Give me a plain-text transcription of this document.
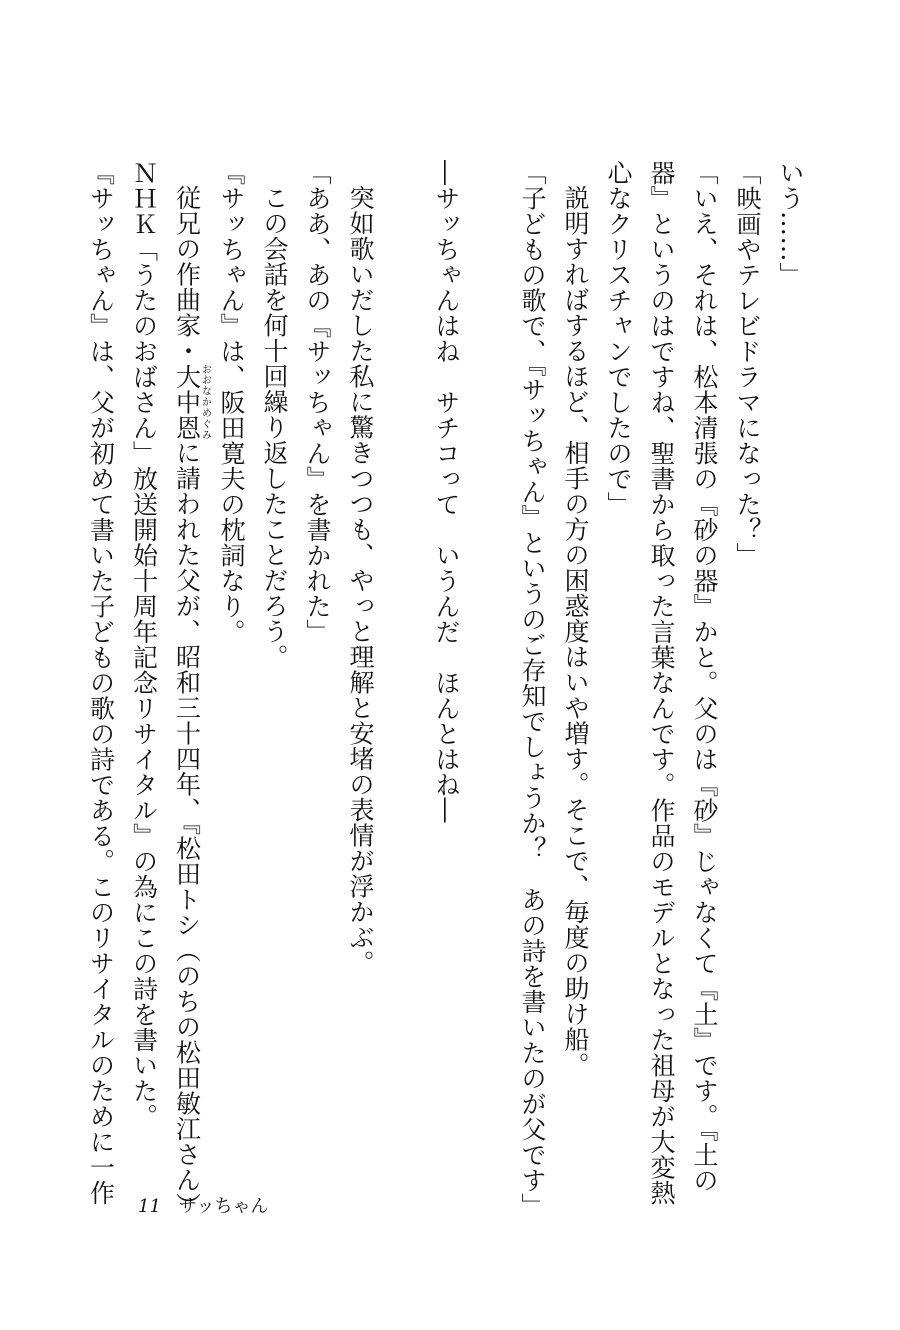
いう……」
「映画やテレビドラマになった？」
「いえ、それは、松本清張の『砂の器』かと。父のは『砂』じゃなくて『土』です。『土の
器』というのはですね、聖書から取った言葉なんです。作品のモデルとなった祖母が大変熱
心なクリスチャンでしたので」
説明すればするほど、相手の方の困惑度はいや増す。そこで、毎度の助け船。
「子どもの歌で、『サッちゃん』というのご存知でしょうか？　あの詩を書いたのが父です」
―サッちゃんはね　サチコって　いうんだ　ほんとはね―
突如歌いだした私に驚きつつも、やっと理解と安堵の表情が浮かぶ。
「ああ、あの『サッちゃん』を書かれた」
この会話を何十回繰り返したことだろう。
『サッちゃん』は、阪田寛夫の枕詞なり。
従兄の作曲家・大中恩おおなかめぐみに請われた父が、昭和三十四年、『松田トシ（のちの松田敏江さん）
ＮＨＫ「うたのおばさん」放送開始十周年記念リサイタル』の為にこの詩を書いた。
『サッちゃん』は、父が初めて書いた子どもの歌の詩である。このリサイタルのために一作
11 サッちゃん
